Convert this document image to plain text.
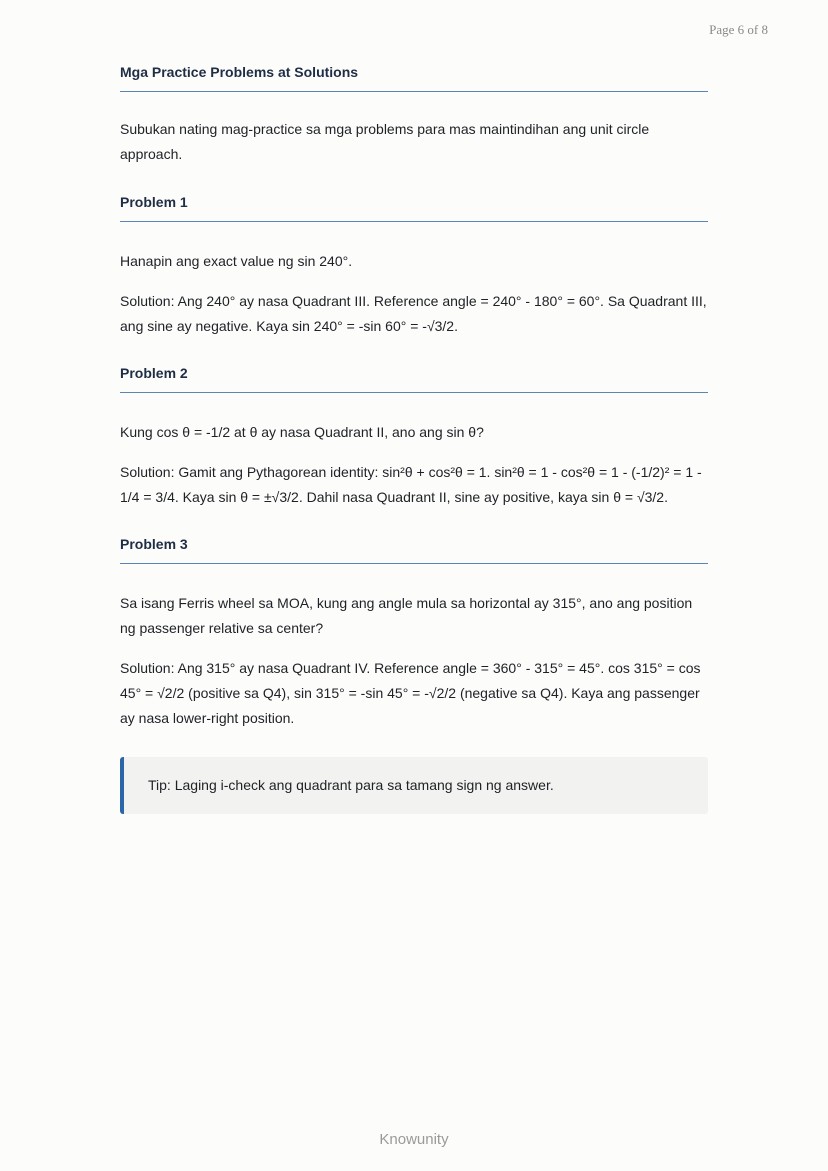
Page 6 of 8
Mga Practice Problems at Solutions

Subukan nating mag-practice sa mga problems para mas maintindihan ang unit circle approach.

Problem 1

Hanapin ang exact value ng sin 240°.

Solution: Ang 240° ay nasa Quadrant III. Reference angle = 240° - 180° = 60°. Sa Quadrant III, ang sine ay negative. Kaya sin 240° = -sin 60° = -√3/2.

Problem 2

Kung cos θ = -1/2 at θ ay nasa Quadrant II, ano ang sin θ?

Solution: Gamit ang Pythagorean identity: sin²θ + cos²θ = 1. sin²θ = 1 - cos²θ = 1 - (-1/2)² = 1 - 1/4 = 3/4. Kaya sin θ = ±√3/2. Dahil nasa Quadrant II, sine ay positive, kaya sin θ = √3/2.

Problem 3

Sa isang Ferris wheel sa MOA, kung ang angle mula sa horizontal ay 315°, ano ang position ng passenger relative sa center?

Solution: Ang 315° ay nasa Quadrant IV. Reference angle = 360° - 315° = 45°. cos 315° = cos 45° = √2/2 (positive sa Q4), sin 315° = -sin 45° = -√2/2 (negative sa Q4). Kaya ang passenger ay nasa lower-right position.

Tip: Laging i-check ang quadrant para sa tamang sign ng answer.
Knowunity
